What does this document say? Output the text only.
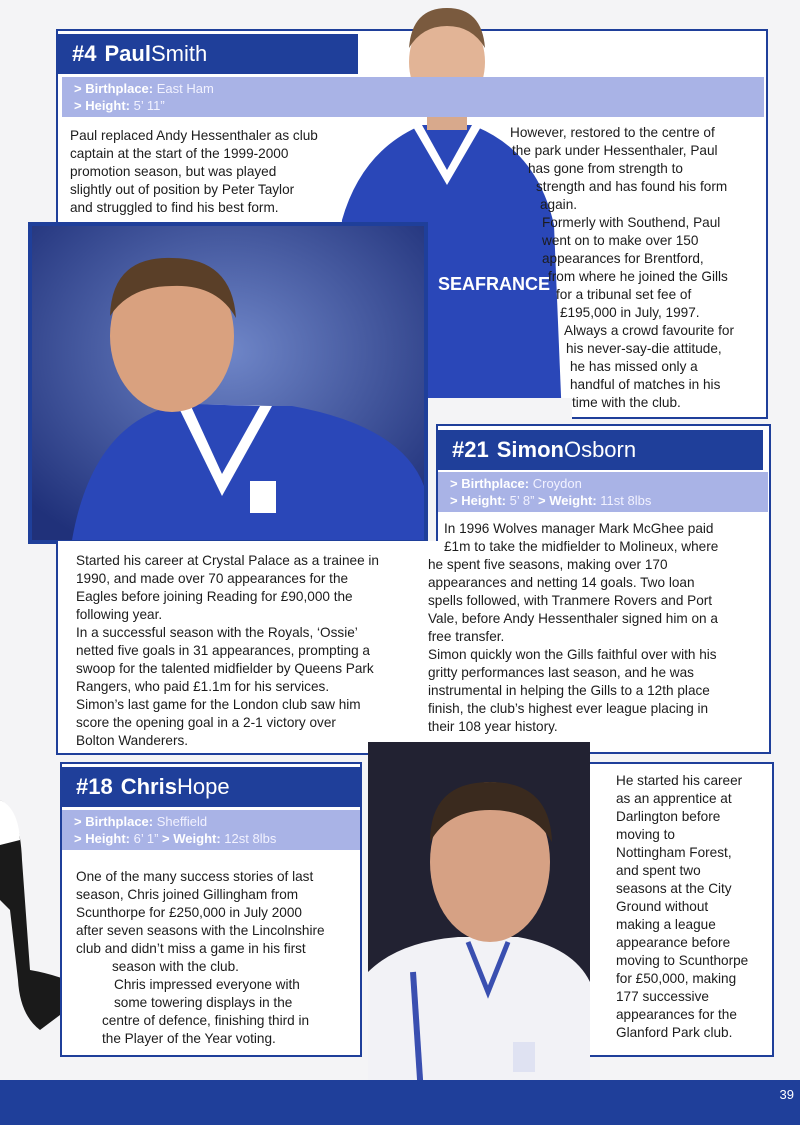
SEAFRANCE
#4 PaulSmith
> Birthplace: East Ham
> Height: 5’ 11”
Paul replaced Andy Hessenthaler as club
captain at the start of the 1999-2000
promotion season, but was played
slightly out of position by Peter Taylor
and struggled to find his best form.
However, restored to the centre of
the park under Hessenthaler, Paul
has gone from strength to
strength and has found his form
again.
Formerly with Southend, Paul
went on to make over 150
appearances for Brentford,
from where he joined the Gills
for a tribunal set fee of
£195,000 in July, 1997.
Always a crowd favourite for
his never-say-die attitude,
he has missed only a
handful of matches in his
time with the club.
#21 SimonOsborn
> Birthplace: Croydon
> Height: 5’ 8” > Weight: 11st 8lbs
Started his career at Crystal Palace as a trainee in
1990, and made over 70 appearances for the
Eagles before joining Reading for £90,000 the
following year.
In a successful season with the Royals, ‘Ossie’
netted five goals in 31 appearances, prompting a
swoop for the talented midfielder by Queens Park
Rangers, who paid £1.1m for his services.
Simon’s last game for the London club saw him
score the opening goal in a 2-1 victory over
Bolton Wanderers.
In 1996 Wolves manager Mark McGhee paid
£1m to take the midfielder to Molineux, where
he spent five seasons, making over 170
appearances and netting 14 goals. Two loan
spells followed, with Tranmere Rovers and Port
Vale, before Andy Hessenthaler signed him on a
free transfer.
Simon quickly won the Gills faithful over with his
gritty performances last season, and he was
instrumental in helping the Gills to a 12th place
finish, the club’s highest ever league placing in
their 108 year history.
#18 ChrisHope
> Birthplace: Sheffield
> Height: 6’ 1” > Weight: 12st 8lbs
One of the many success stories of last
season, Chris joined Gillingham from
Scunthorpe for £250,000 in July 2000
after seven seasons with the Lincolnshire
club and didn’t miss a game in his first
season with the club.
Chris impressed everyone with
some towering displays in the
centre of defence, finishing third in
the Player of the Year voting.
He started his career
as an apprentice at
Darlington before
moving to
Nottingham Forest,
and spent two
seasons at the City
Ground without
making a league
appearance before
moving to Scunthorpe
for £50,000, making
177 successive
appearances for the
Glanford Park club.
39
